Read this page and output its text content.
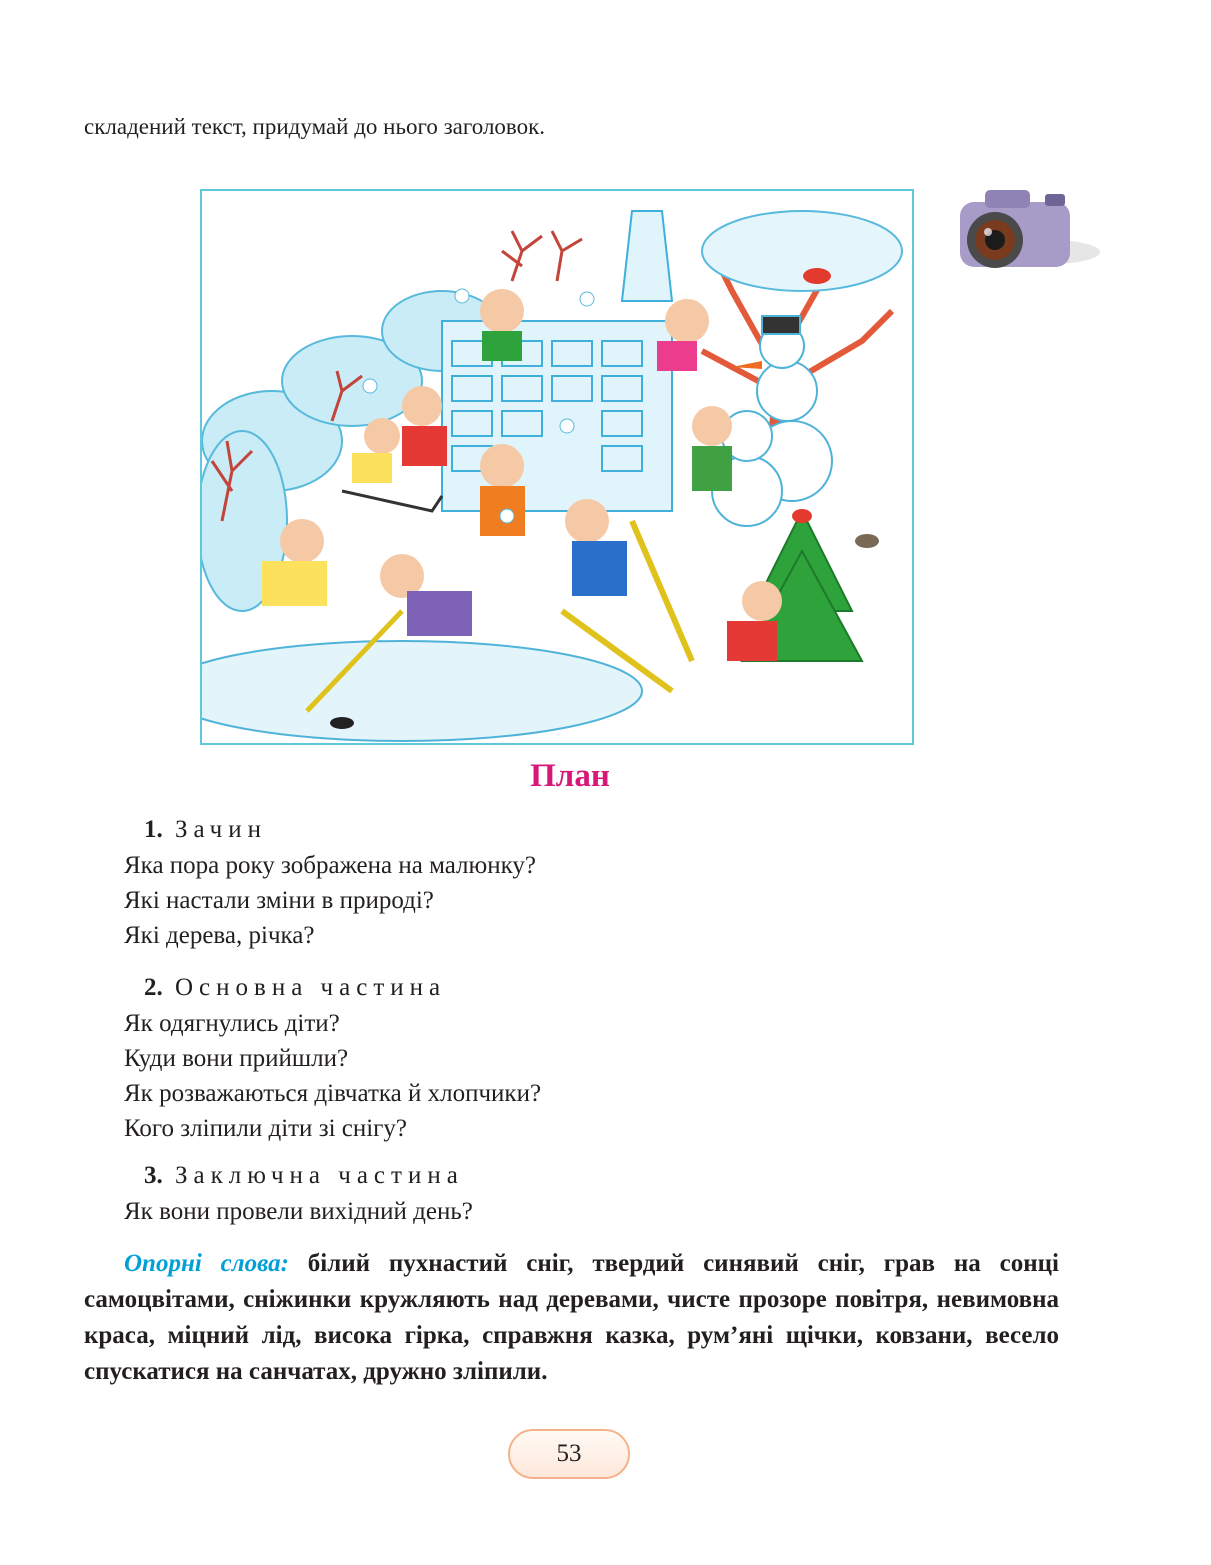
складений текст, придумай до нього заголовок.

План

1. Зачин

Яка пора року зображена на малюнку?

Які настали зміни в природі?

Які дерева, річка?

2. Основна частина

Як одягнулись діти?

Куди вони прийшли?

Як розважаються дівчатка й хлопчики?

Кого зліпили діти зі снігу?

3. Заключна частина

Як вони провели вихідний день?

Опорні слова: білий пухнастий сніг, твердий синявий сніг, грав на сонці самоцвітами, сніжинки кружляють над деревами, чисте прозоре повітря, невимовна краса, міцний лід, висока гірка, справжня казка, рум’яні щічки, ковзани, весело спускатися на санчатах, дружно зліпили.

53
